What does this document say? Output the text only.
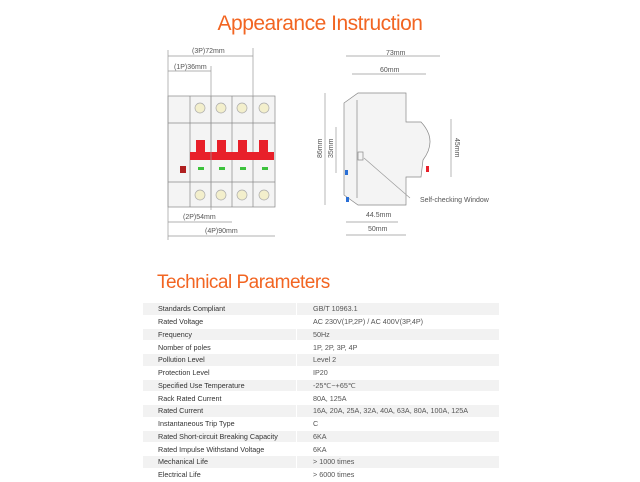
Appearance Instruction
(3P)72mm
(1P)36mm
(2P)54mm
(4P)90mm
73mm
60mm
44.5mm
50mm
Self-checking Window
86mm 35mm	45mm
Technical Parameters
Standards Compliant	GB/T 10963.1
Rated Voltage	AC 230V(1P,2P) / AC 400V(3P,4P)
Frequency	50Hz
Nomber of poles	1P, 2P, 3P, 4P
Pollution Level	Level 2
Protection Level	IP20
Specified Use Temperature	-25℃~+65℃
Rack Rated Current	80A, 125A
Rated Current	16A, 20A, 25A, 32A, 40A, 63A, 80A, 100A, 125A
Instantaneous Trip Type	C
Rated Short-circuit Breaking Capacity	6KA
Rated Impulse Withstand Voltage	6KA
Mechanical Life	> 1000 times
Electrical Life	> 6000 times
